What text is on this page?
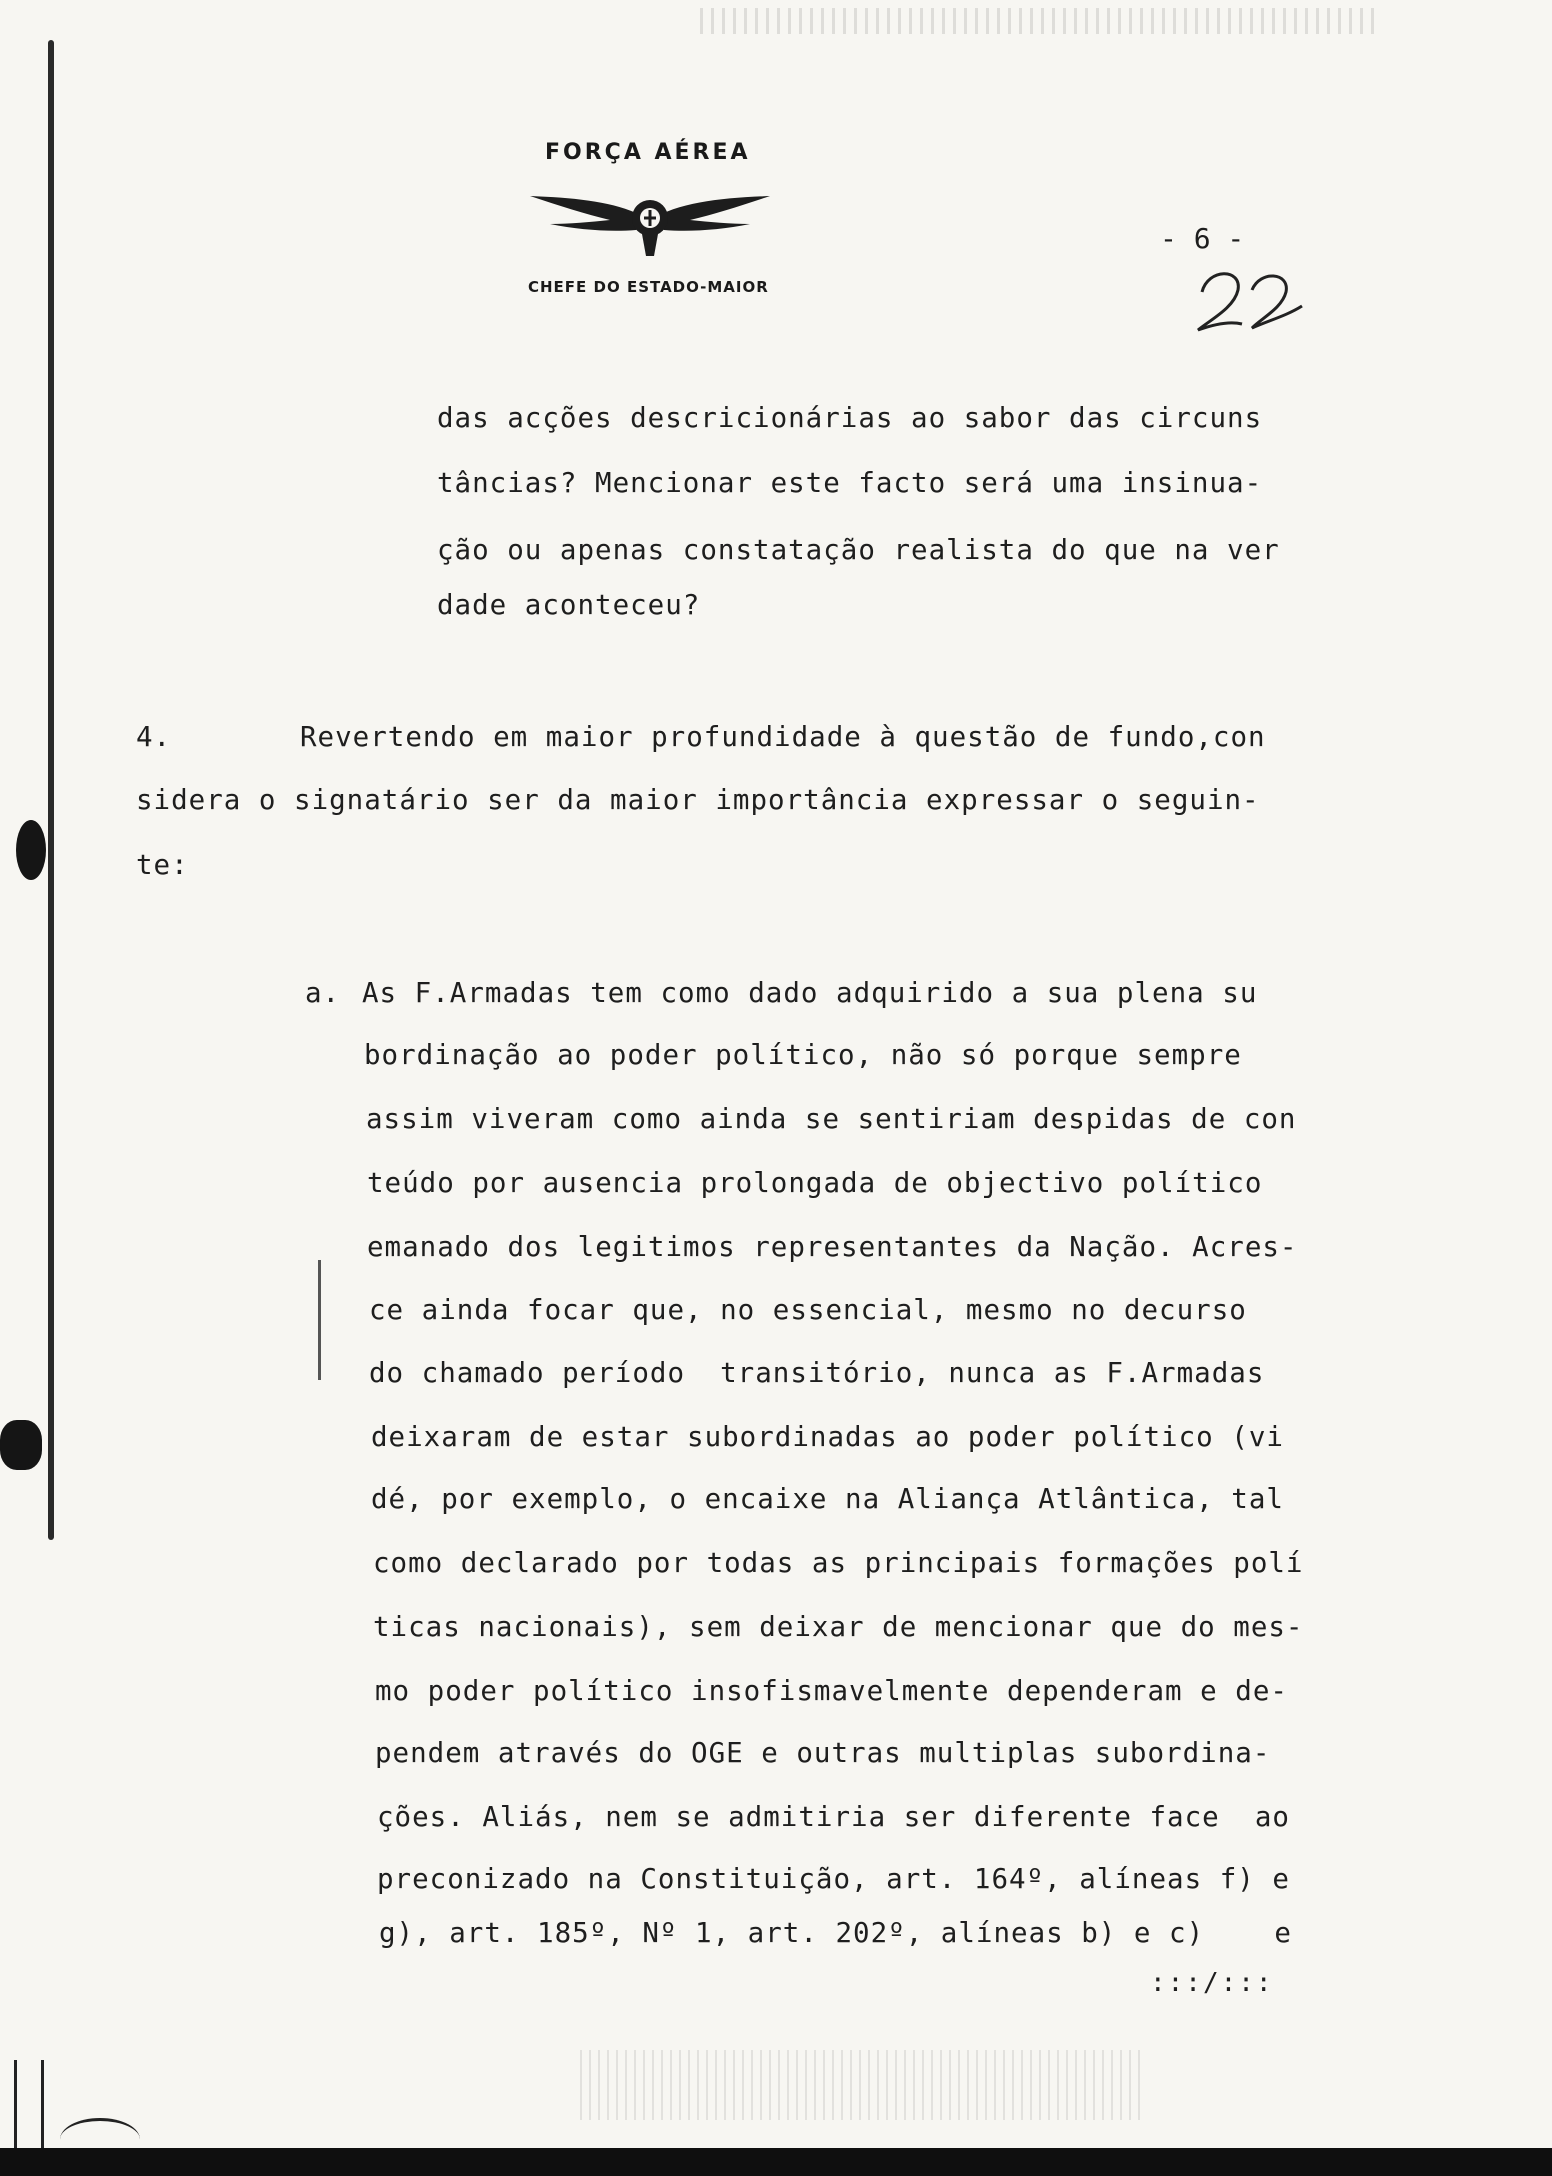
FORÇA AÉREA
CHEFE DO ESTADO-MAIOR
- 6 -
das acções descricionárias ao sabor das circuns
tâncias? Mencionar este facto será uma insinua-
ção ou apenas constatação realista do que na ver
dade aconteceu?
4.	Revertendo em maior profundidade à questão de fundo,con
sidera o signatário ser da maior importância expressar o seguin-
te:
a. As F.Armadas tem como dado adquirido a sua plena su
bordinação ao poder político, não só porque sempre
assim viveram como ainda se sentiriam despidas de con
teúdo por ausencia prolongada de objectivo político
emanado dos legitimos representantes da Nação. Acres-
ce ainda focar que, no essencial, mesmo no decurso
do chamado período  transitório, nunca as F.Armadas
deixaram de estar subordinadas ao poder político (vi
dé, por exemplo, o encaixe na Aliança Atlântica, tal
como declarado por todas as principais formações polí
ticas nacionais), sem deixar de mencionar que do mes-
mo poder político insofismavelmente dependeram e de-
pendem através do OGE e outras multiplas subordina-
ções. Aliás, nem se admitiria ser diferente face  ao
preconizado na Constituição, art. 164º, alíneas f) e
g), art. 185º, Nº 1, art. 202º, alíneas b) e c)    e
:::/:::
